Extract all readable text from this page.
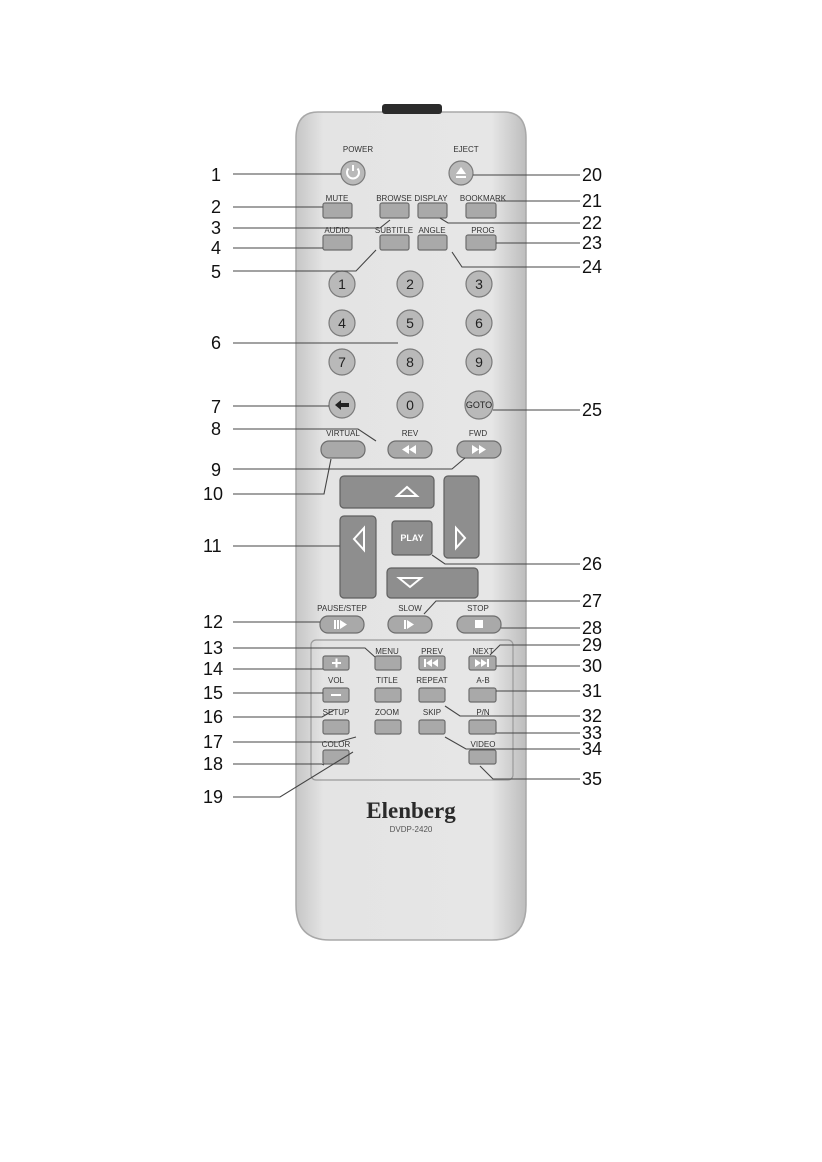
POWER	EJECT
MUTE	BROWSE DISPLAY BOOKMARK
AUDIO	SUBTITLE ANGLE	PROG
1	2	3
4	5	6
7	8	9
0	GOTO
VIRTUAL	REV	FWD
PLAY
PAUSE/STEP	SLOW	STOP
MENU	PREV	NEXT
VOL	TITLE REPEAT	A-B
SETUP	ZOOM	SKIP	P/N
COLOR	VIDEO
Elenberg
DVDP-2420
1
2
3
4
5
6
7
8
9
10
11
12
13
14
15
16
17
18
19
20
21
22
23
24
25
26
27
28
29
30
31
32
33
34
35
